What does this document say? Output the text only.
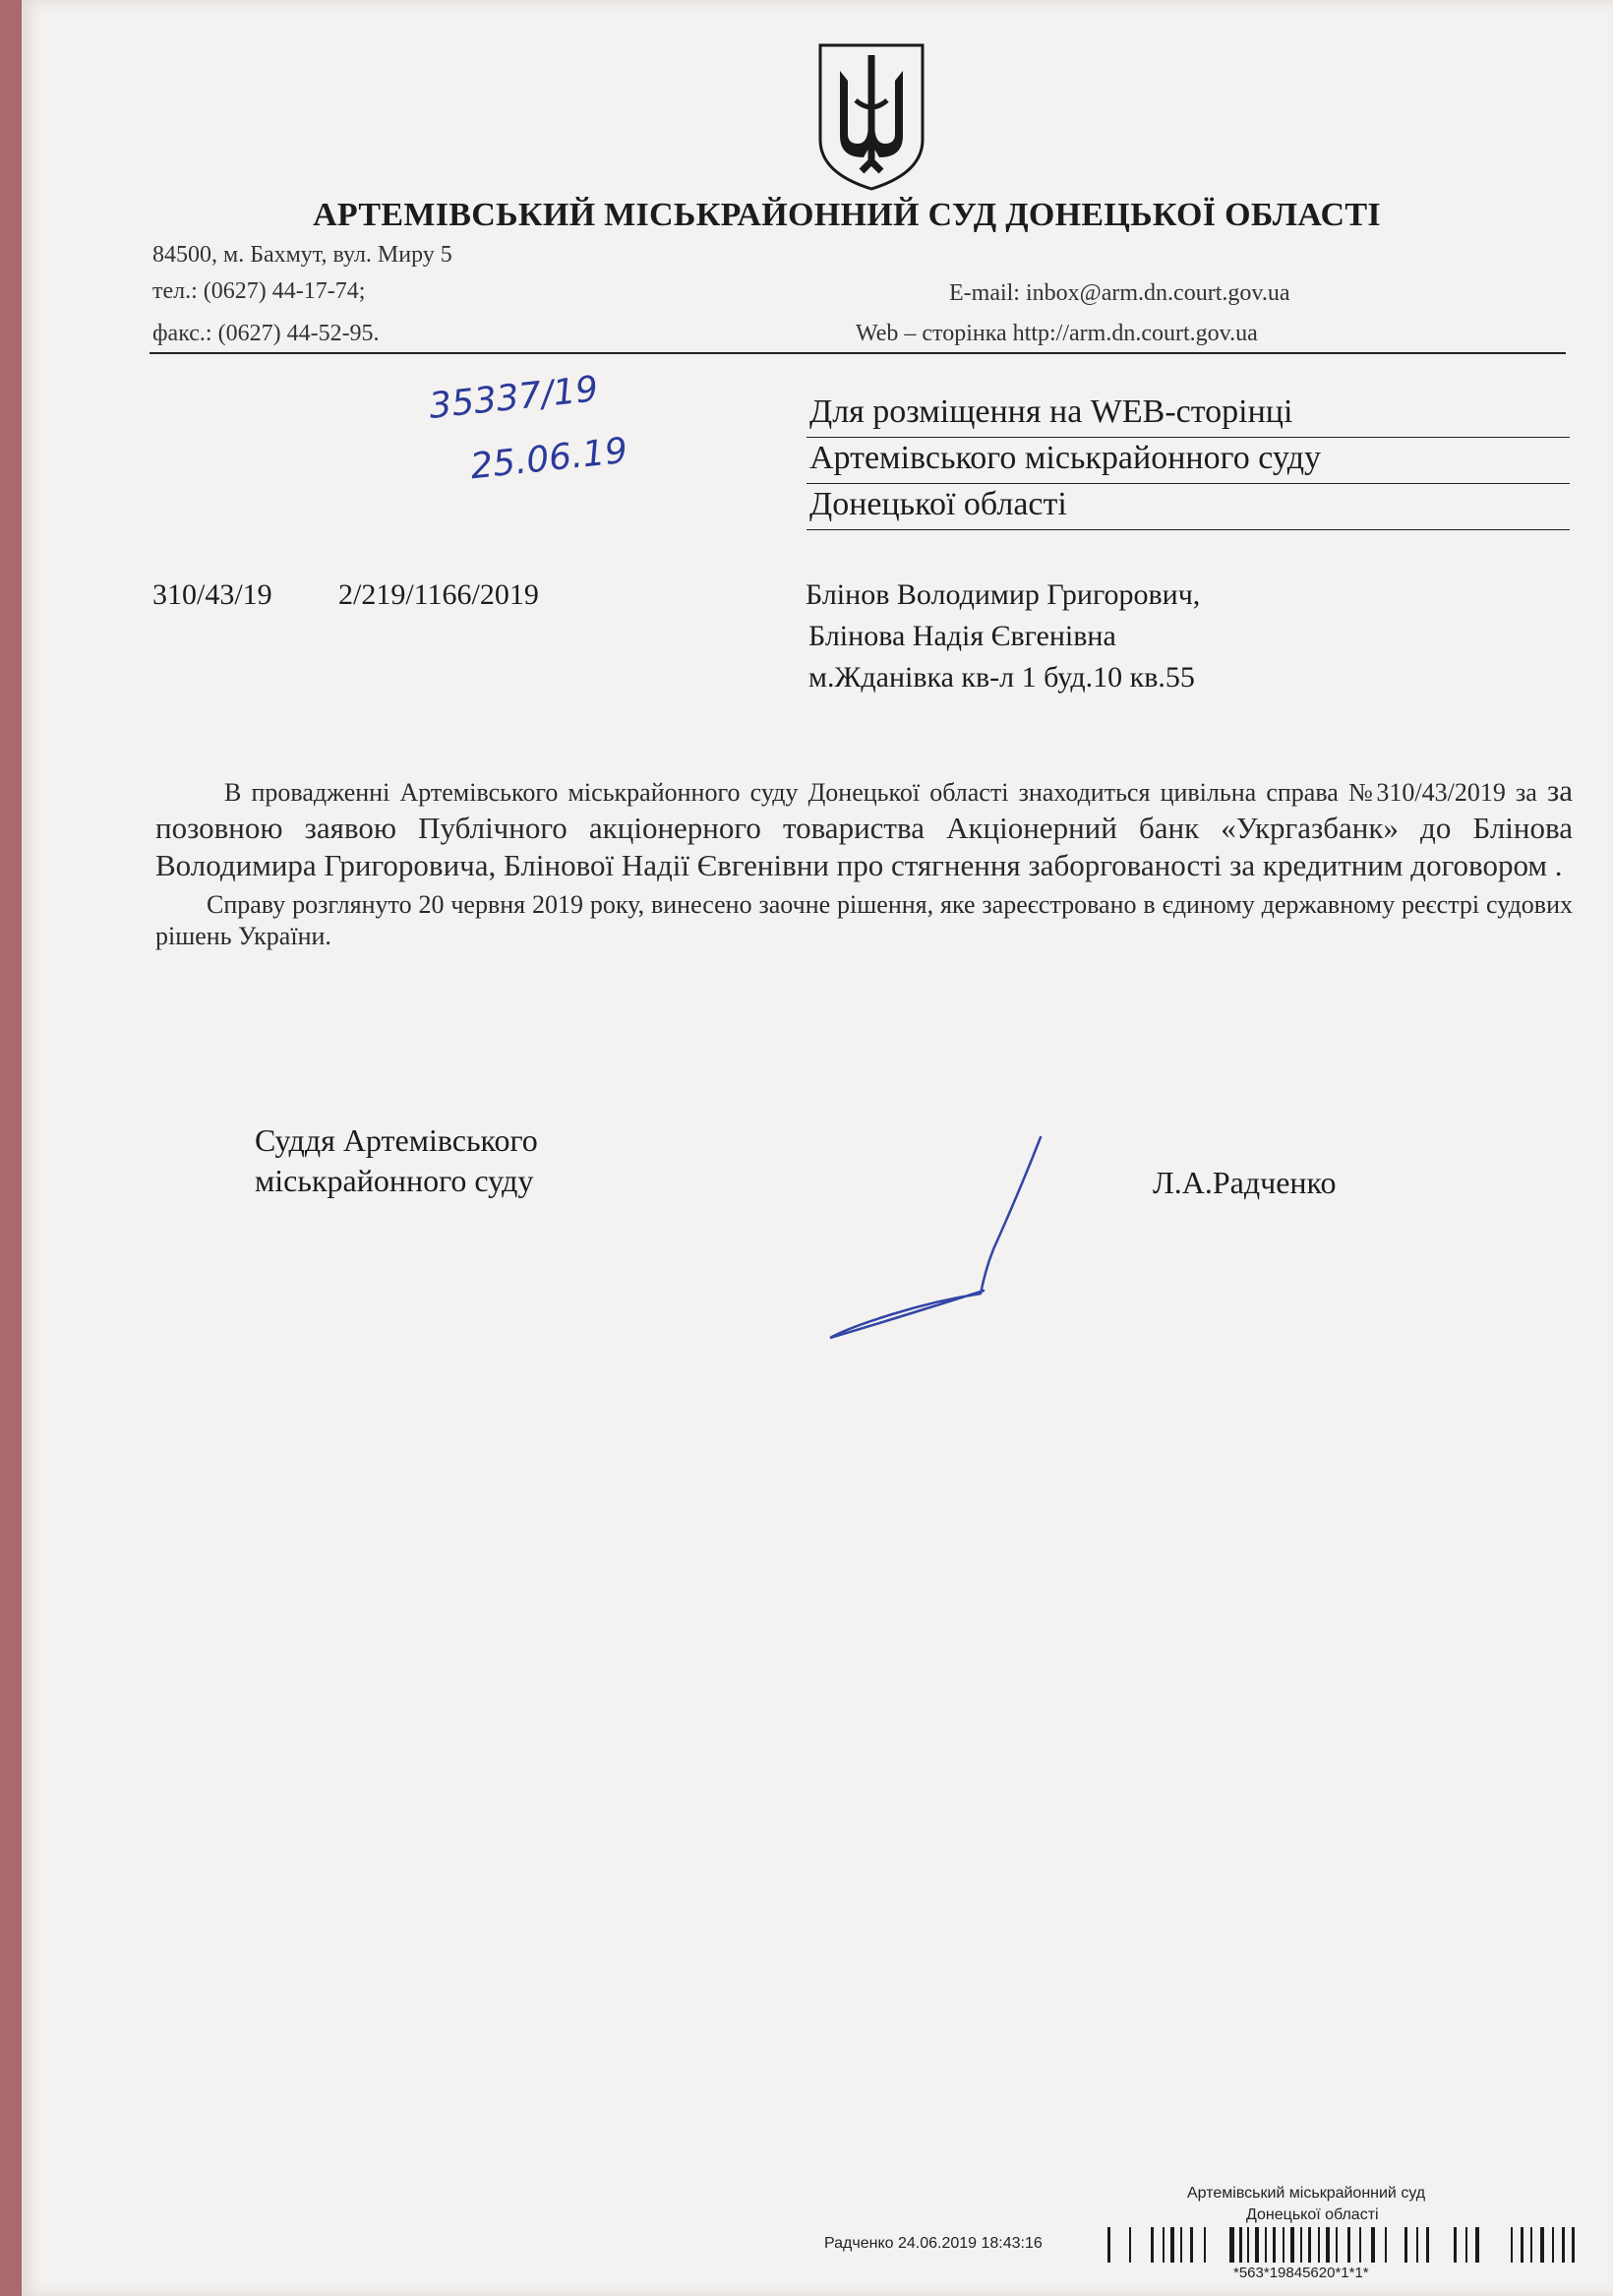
АРТЕМІВСЬКИЙ МІСЬКРАЙОННИЙ СУД ДОНЕЦЬКОЇ ОБЛАСТІ
84500, м. Бахмут, вул. Миру 5
тел.: (0627) 44-17-74;
факс.: (0627) 44-52-95.
E-mail: inbox@arm.dn.court.gov.ua
Web – сторінка http://arm.dn.court.gov.ua
35337/19
25.06.19
Для розміщення на WEB-сторінці
Артемівського міськрайонного суду
Донецької області
310/43/19 2/219/1166/2019	Блінов Володимир Григорович,
Блінова Надія Євгенівна
м.Жданівка кв-л 1 буд.10 кв.55

В провадженні Артемівського міськрайонного суду Донецької області знаходиться цивільна справа №310/43/2019 за за позовною заявою Публічного акціонерного товариства Акціонерний банк «Укргазбанк» до Блінова Володимира Григоровича, Блінової Надії Євгенівни про стягнення заборгованості за кредитним договором .

Справу розглянуто 20 червня 2019 року, винесено заочне рішення, яке зареєстровано в єдиному державному реєстрі судових рішень України.

Суддя Артемівського
міськрайонного суду	Л.А.Радченко
Артемівський міськрайонний суд
Донецької області
Радченко 24.06.2019 18:43:16
*563*19845620*1*1*
